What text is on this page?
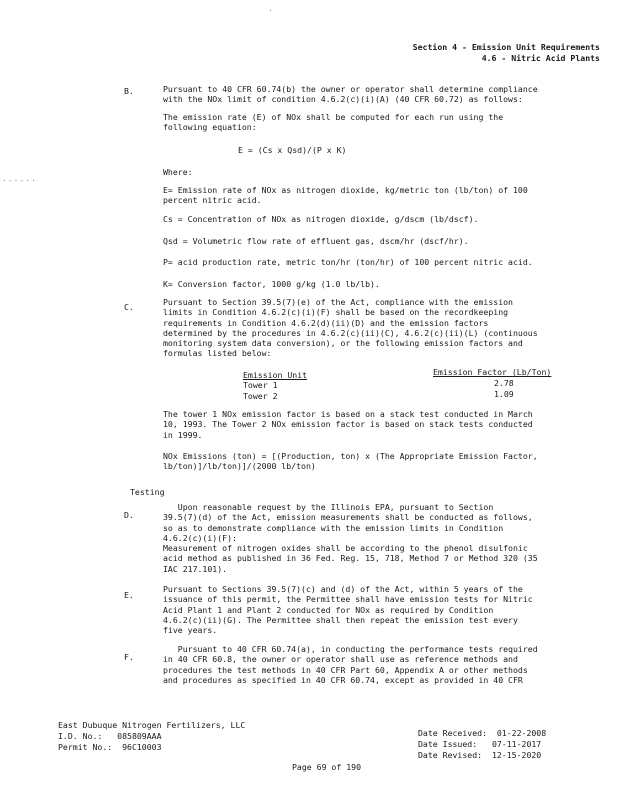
Section 4 - Emission Unit Requirements
4.6 - Nitric Acid Plants
·
·-·-··
B.	Pursuant to 40 CFR 60.74(b) the owner or operator shall determine compliance
with the NOx limit of condition 4.6.2(c)(i)(A) (40 CFR 60.72) as follows:
The emission rate (E) of NOx shall be computed for each run using the
following equation:
E = (Cs x Qsd)/(P x K)
Where:
E= Emission rate of NOx as nitrogen dioxide, kg/metric ton (lb/ton) of 100
percent nitric acid.
Cs = Concentration of NOx as nitrogen dioxide, g/dscm (lb/dscf).
Qsd = Volumetric flow rate of effluent gas, dscm/hr (dscf/hr).
P= acid production rate, metric ton/hr (ton/hr) of 100 percent nitric acid.
K= Conversion factor, 1000 g/kg (1.0 lb/lb).
C.	Pursuant to Section 39.5(7)(e) of the Act, compliance with the emission
limits in Condition 4.6.2(c)(i)(F) shall be based on the recordkeeping
requirements in Condition 4.6.2(d)(ii)(D) and the emission factors
determined by the procedures in 4.6.2(c)(ii)(C), 4.6.2(c)(ii)(L) (continuous
monitoring system data conversion), or the following emission factors and
formulas listed below:
Emission Unit	Emission Factor (Lb/Ton)
Tower 1	2.78
Tower 2	1.09
The tower 1 NOx emission factor is based on a stack test conducted in March
10, 1993. The Tower 2 NOx emission factor is based on stack tests conducted
in 1999.
NOx Emissions (ton) = [(Production, ton) x (The Appropriate Emission Factor,
lb/ton)]/lb/ton)]/(2000 lb/ton)
Testing
D.
Upon reasonable request by the Illinois EPA, pursuant to Section
39.5(7)(d) of the Act, emission measurements shall be conducted as follows,
so as to demonstrate compliance with the emission limits in Condition
4.6.2(c)(i)(F):
Measurement of nitrogen oxides shall be according to the phenol disulfonic
acid method as published in 36 Fed. Reg. 15, 718, Method 7 or Method 320 (35
IAC 217.101).
E.
Pursuant to Sections 39.5(7)(c) and (d) of the Act, within 5 years of the
issuance of this permit, the Permittee shall have emission tests for Nitric
Acid Plant 1 and Plant 2 conducted for NOx as required by Condition
4.6.2(c)(ii)(G). The Permittee shall then repeat the emission test every
five years.
F.
Pursuant to 40 CFR 60.74(a), in conducting the performance tests required
in 40 CFR 60.8, the owner or operator shall use as reference methods and
procedures the test methods in 40 CFR Part 60, Appendix A or other methods
and procedures as specified in 40 CFR 60.74, except as provided in 40 CFR
East Dubuque Nitrogen Fertilizers, LLC
I.D. No.:   085809AAA
Permit No.:  96C10003
Date Received:  01-22-2008
Date Issued:   07-11-2017
Date Revised:  12-15-2020
Page 69 of 190
